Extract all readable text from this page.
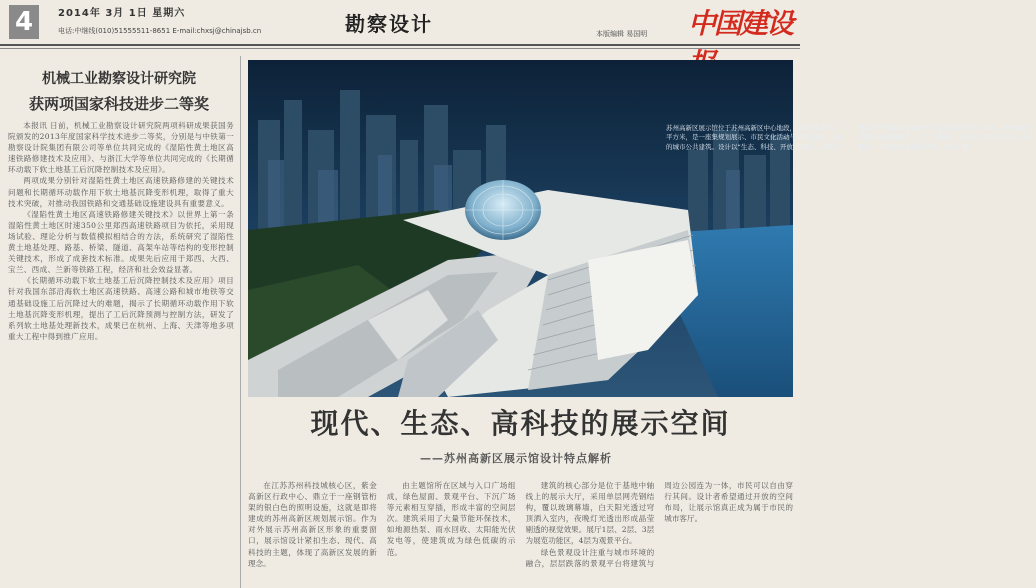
4	2014年 3月 1日 星期六
电话:中继线(010)51555511-8651 E-mail:chxsj@chinajsb.cn	勘察设计	本版编辑 易国明 中国建设
机械工业勘察设计研究院
获两项国家科技进步二等奖

本报讯 日前，机械工业勘察设计研究院两项科研成果获国务院颁发的2013年度国家科学技术进步二等奖，分别是与中铁第一勘察设计院集团有限公司等单位共同完成的《湿陷性黄土地区高速铁路修建技术及应用》、与浙江大学等单位共同完成的《长期循环动载下软土地基工后沉降控制技术及应用》。

两项成果分别针对湿陷性黄土地区高速铁路修建的关键技术问题和长期循环动载作用下软土地基沉降变形机理，取得了重大技术突破，对推动我国铁路和交通基础设施建设具有重要意义。

《湿陷性黄土地区高速铁路修建关键技术》以世界上第一条湿陷性黄土地区时速350公里郑西高速铁路项目为依托，采用现场试验、理论分析与数值模拟相结合的方法，系统研究了湿陷性黄土地基处理、路基、桥梁、隧道、高架车站等结构的变形控制关键技术，形成了成套技术标准。成果先后应用于郑西、大西、宝兰、西成、兰新等铁路工程，经济和社会效益显著。

《长期循环动载下软土地基工后沉降控制技术及应用》项目针对我国东部沿海软土地区高速铁路、高速公路和城市地铁等交通基础设施工后沉降过大的难题，揭示了长期循环动载作用下软土地基沉降变形机理，提出了工后沉降预测与控制方法，研发了系列软土地基处理新技术，成果已在杭州、上海、天津等地多项重大工程中得到推广应用。

苏州高新区展示馆位于苏州高新区中心地段，建筑面积约3万平方米，是一座集规划展示、市民文化活动与休闲功能于一体的城市公共建筑。设计以“生态、科技、开放”为理念，建筑主体由巨型钢结构玻璃穹顶与层叠的景观平台组成，屋顶绿化与地面景观有机融合，为市民提供了丰富的公共活动空间，成为新区一道亮丽的城市风景线。（李冰 摄）
现代、生态、高科技的展示空间
——苏州高新区展示馆设计特点解析

在江苏苏州科技城核心区，紫金高新区行政中心、鼎立于一座钢管桁架的银白色的照明设施，这就是即将建成的苏州高新区规划展示馆。作为对外展示苏州高新区形象的重要窗口，展示馆设计紧扣生态、现代、高科技的主题，体现了高新区发展的新理念。

由主题馆所在区域与入口广场组成，绿色屋面、景观平台、下沉广场等元素相互穿插，形成丰富的空间层次。建筑采用了大量节能环保技术，如地源热泵、雨水回收、太阳能光伏发电等，使建筑成为绿色低碳的示范。

建筑的核心部分是位于基地中轴线上的展示大厅，采用单层网壳钢结构，覆以玻璃幕墙，白天阳光透过穹顶洒入室内，夜晚灯光透出形成晶莹剔透的视觉效果。展厅1层、2层、3层为展览功能区，4层为观景平台。

绿色景观设计注重与城市环境的融合，层层跌落的景观平台将建筑与周边公园连为一体，市民可以自由穿行其间。设计者希望通过开放的空间布局，让展示馆真正成为属于市民的城市客厅。
